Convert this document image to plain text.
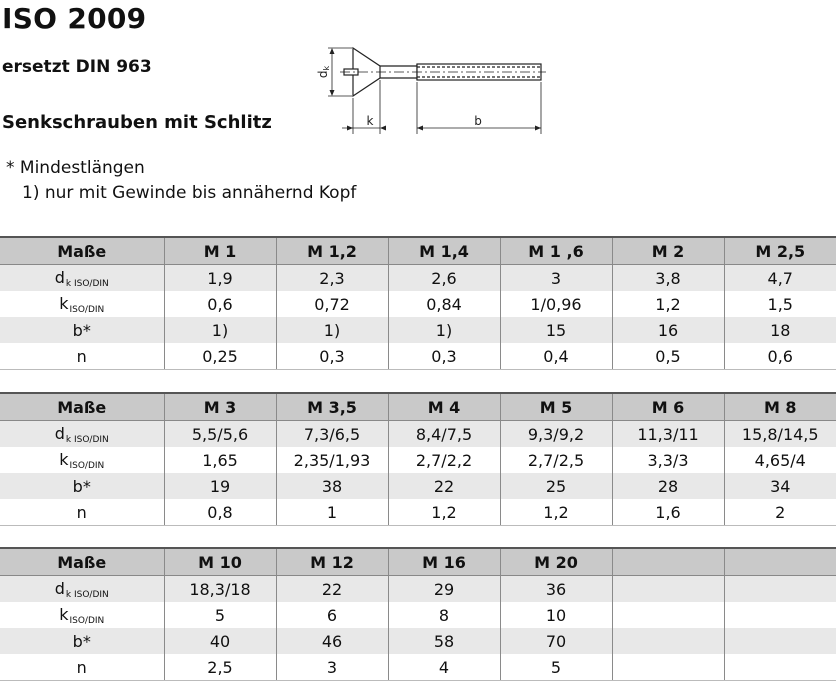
ISO 2009
ersetzt DIN 963
Senkschrauben mit Schlitz
* Mindestlängen
1) nur mit Gewinde bis annähernd Kopf
dk
k	b
Maße	M 1	M 1,2	M 1,4	M 1 ,6	M 2	M 2,5
$d_{k ISO/DIN}$	1,9	2,3	2,6	3	3,8	4,7
$k_{ISO/DIN}$	0,6	0,72	0,84	1/0,96	1,2	1,5
b*	1)	1)	1)	15	16	18
n	0,25	0,3	0,3	0,4	0,5	0,6
Maße	M 3	M 3,5	M 4	M 5	M 6	M 8
$d_{k ISO/DIN}$	5,5/5,6	7,3/6,5	8,4/7,5	9,3/9,2	11,3/11	15,8/14,5
$k_{ISO/DIN}$	1,65	2,35/1,93	2,7/2,2	2,7/2,5	3,3/3	4,65/4
b*	19	38	22	25	28	34
n	0,8	1	1,2	1,2	1,6	2
Maße	M 10	M 12	M 16	M 20		
$d_{k ISO/DIN}$	18,3/18	22	29	36		
$k_{ISO/DIN}$	5	6	8	10		
b*	40	46	58	70		
n	2,5	3	4	5		
